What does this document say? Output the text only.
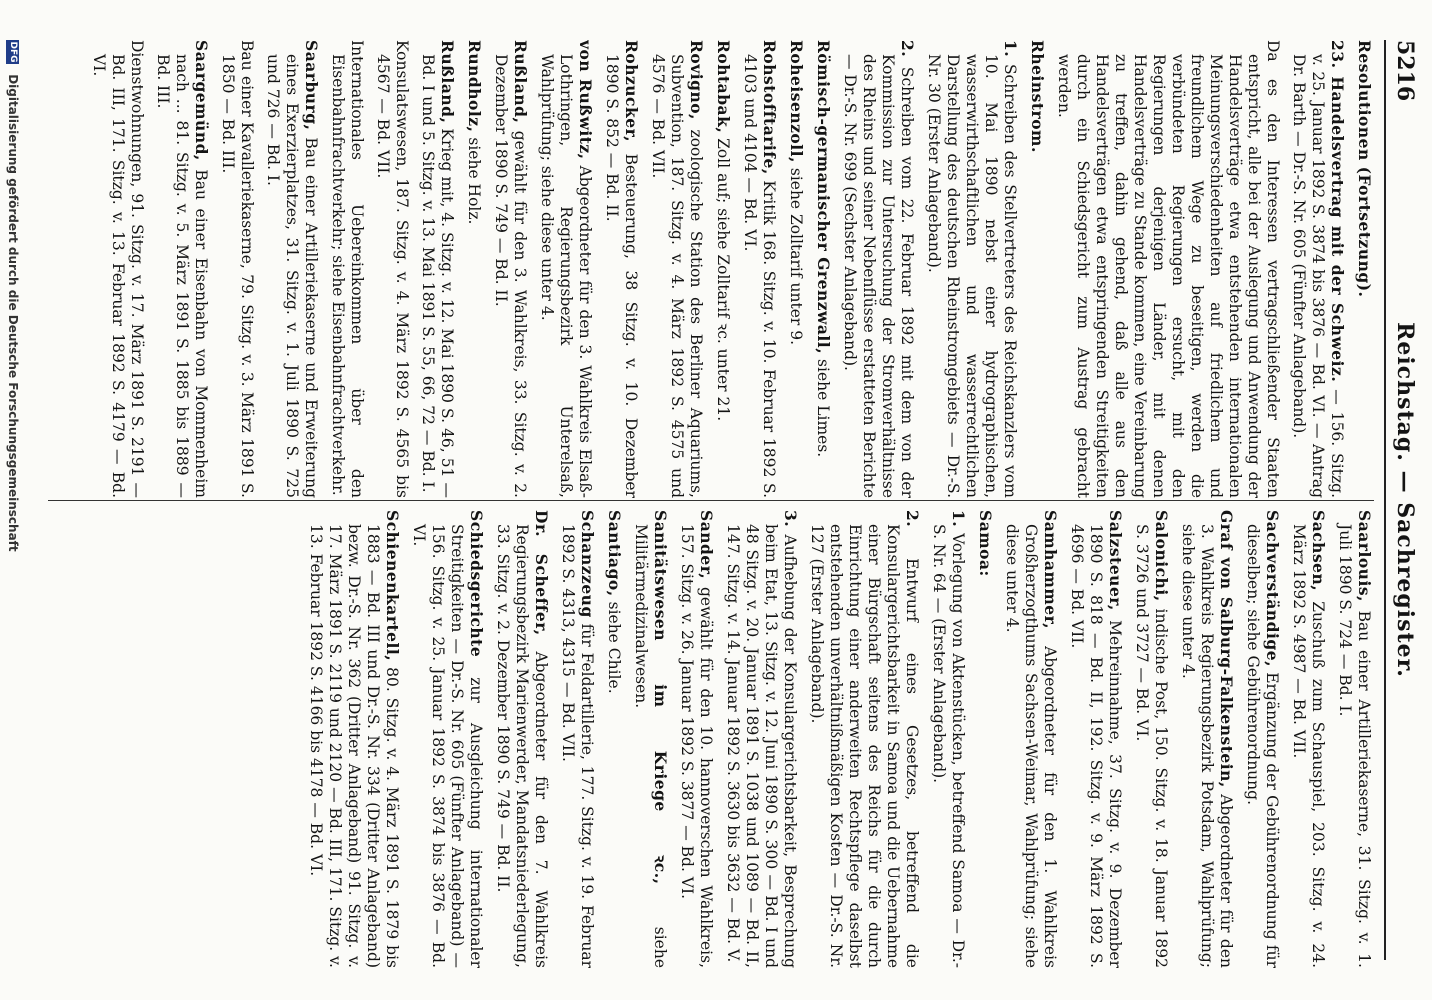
5216
Reichstag. — Sachregister.
Resolutionen (Fortsetzung).
23. Handelsvertrag mit der Schweiz. — 156. Sitzg. v. 25. Januar 1892 S. 3874 bis 3876 — Bd. VI. — Antrag Dr. Barth — Dr.-S. Nr. 605 (Fünfter Anlageband).
Da es den Interessen vertragschließender Staaten entspricht, alle bei der Auslegung und Anwendung der Handelsverträge etwa entstehenden internationalen Meinungsverschiedenheiten auf friedlichem und freundlichem Wege zu beseitigen, werden die verbündeten Regierungen ersucht, mit den Regierungen derjenigen Länder, mit denen Handelsverträge zu Stande kommen, eine Vereinbarung zu treffen, dahin gehend, daß alle aus den Handelsverträgen etwa entspringenden Streitigkeiten durch ein Schiedsgericht zum Austrag gebracht werden.
Rheinstrom.
1. Schreiben des Stellvertreters des Reichskanzlers vom 10. Mai 1890 nebst einer hydrographischen, wasserwirthschaftlichen und wasserrechtlichen Darstellung des deutschen Rheinstromgebiets — Dr.-S. Nr. 30 (Erster Anlageband).
2. Schreiben vom 22. Februar 1892 mit dem von der Kommission zur Untersuchung der Stromverhältnisse des Rheins und seiner Nebenflüsse erstatteten Berichte — Dr.-S. Nr. 699 (Sechster Anlageband).
Römisch-germanischer Grenzwall, siehe Limes.
Roheisenzoll, siehe Zolltarif unter 9.
Rohstofftarife, Kritik 168. Sitzg. v. 10. Februar 1892 S. 4103 und 4104 — Bd. VI.
Rohtabak, Zoll auf; siehe Zolltarif ꝛc. unter 21.
Rovigno, zoologische Station des Berliner Aquariums, Subvention, 187. Sitzg. v. 4. März 1892 S. 4575 und 4576 — Bd. VII.
Rohzucker, Besteuerung, 38 Sitzg. v. 10. Dezember 1890 S. 852 — Bd. II.
von Rußwitz, Abgeordneter für den 3. Wahlkreis Elsaß-Lothringen, Regierungsbezirk Unterelsaß, Wahlprüfung; siehe diese unter 4.
Rußland, gewählt für den 3. Wahlkreis, 33. Sitzg. v. 2. Dezember 1890 S. 749 — Bd. II.
Rundholz, siehe Holz.
Rußland, Krieg mit, 4. Sitzg. v. 12. Mai 1890 S. 46, 51 — Bd. I und 5. Sitzg. v. 13. Mai 1891 S. 55, 66, 72 — Bd. I.
Konsulatswesen, 187. Sitzg. v. 4. März 1892 S. 4565 bis 4567 — Bd. VII.
Internationales Uebereinkommen über den Eisenbahnfrachtverkehr; siehe Eisenbahnfrachtverkehr.
Saarburg, Bau einer Artilleriekaserne und Erweiterung eines Exerzierplatzes, 31. Sitzg. v. 1. Juli 1890 S. 725 und 726 — Bd. I.
Bau einer Kavalleriekaserne, 79. Sitzg. v. 3. März 1891 S. 1850 — Bd. III.
Saargemünd, Bau einer Eisenbahn von Mommenheim nach ... 81. Sitzg. v. 5. März 1891 S. 1885 bis 1889 — Bd. III.
Dienstwohnungen, 91. Sitzg. v. 17. März 1891 S. 2191 — Bd. III, 171. Sitzg. v. 13. Februar 1892 S. 4179 — Bd. VI.
Saarlouis, Bau einer Artilleriekaserne, 31. Sitzg. v. 1. Juli 1890 S. 724 — Bd. I.
Sachsen, Zuschuß zum Schauspiel, 203. Sitzg. v. 24. März 1892 S. 4987 — Bd. VII.
Sachverständige, Ergänzung der Gebührenordnung für dieselben; siehe Gebührenordnung.
Graf von Salburg-Falkenstein, Abgeordneter für den 3. Wahlkreis Regierungsbezirk Potsdam, Wahlprüfung; siehe diese unter 4.
Salonichi, indische Post, 150. Sitzg. v. 18. Januar 1892 S. 3726 und 3727 — Bd. VI.
Salzsteuer, Mehreinnahme, 37. Sitzg. v. 9. Dezember 1890 S. 818 — Bd. II, 192. Sitzg. v. 9. März 1892 S. 4696 — Bd. VII.
Samhammer, Abgeordneter für den 1. Wahlkreis Großherzogthums Sachsen-Weimar, Wahlprüfung; siehe diese unter 4.
Samoa:
1. Vorlegung von Aktenstücken, betreffend Samoa — Dr.-S. Nr. 64 — (Erster Anlageband).
2. Entwurf eines Gesetzes, betreffend die Konsulargerichtsbarkeit in Samoa und die Uebernahme einer Bürgschaft seitens des Reichs für die durch Einrichtung einer anderweiten Rechtspflege daselbst entstehenden unverhältnißmäßigen Kosten — Dr.-S. Nr. 127 (Erster Anlageband).
3. Aufhebung der Konsulargerichtsbarkeit, Besprechung beim Etat, 13. Sitzg. v. 12. Juni 1890 S. 300 — Bd. I und 48 Sitzg. v. 20. Januar 1891 S. 1038 und 1089 — Bd. II, 147. Sitzg. v. 14. Januar 1892 S. 3630 bis 3632 — Bd. V.
Sander, gewählt für den 10. hannoverschen Wahlkreis, 157. Sitzg. v. 26. Januar 1892 S. 3877 — Bd. VI.
Sanitätswesen im Kriege ꝛc., siehe Militärmedizinalwesen.
Santiago, siehe Chile.
Schanzzeug für Feldartillerie, 177. Sitzg. v. 19. Februar 1892 S. 4313, 4315 — Bd. VII.
Dr. Scheffer, Abgeordneter für den 7. Wahlkreis Regierungsbezirk Marienwerder, Mandatsniederlegung, 33. Sitzg. v. 2. Dezember 1890 S. 749 — Bd. II.
Schiedsgerichte zur Ausgleichung internationaler Streitigkeiten — Dr.-S. Nr. 605 (Fünfter Anlageband) — 156. Sitzg. v. 25. Januar 1892 S. 3874 bis 3876 — Bd. VI.
Schienenkartell, 80. Sitzg. v. 4. März 1891 S. 1879 bis 1883 — Bd. III und Dr.-S. Nr. 334 (Dritter Anlageband) bezw. Dr.-S. Nr. 362 (Dritter Anlageband) 91. Sitzg. v. 17. März 1891 S. 2119 und 2120 — Bd. III, 171. Sitzg. v. 13. Februar 1892 S. 4166 bis 4178 — Bd. VI.
DFG Digitalisierung gefördert durch die Deutsche Forschungsgemeinschaft
